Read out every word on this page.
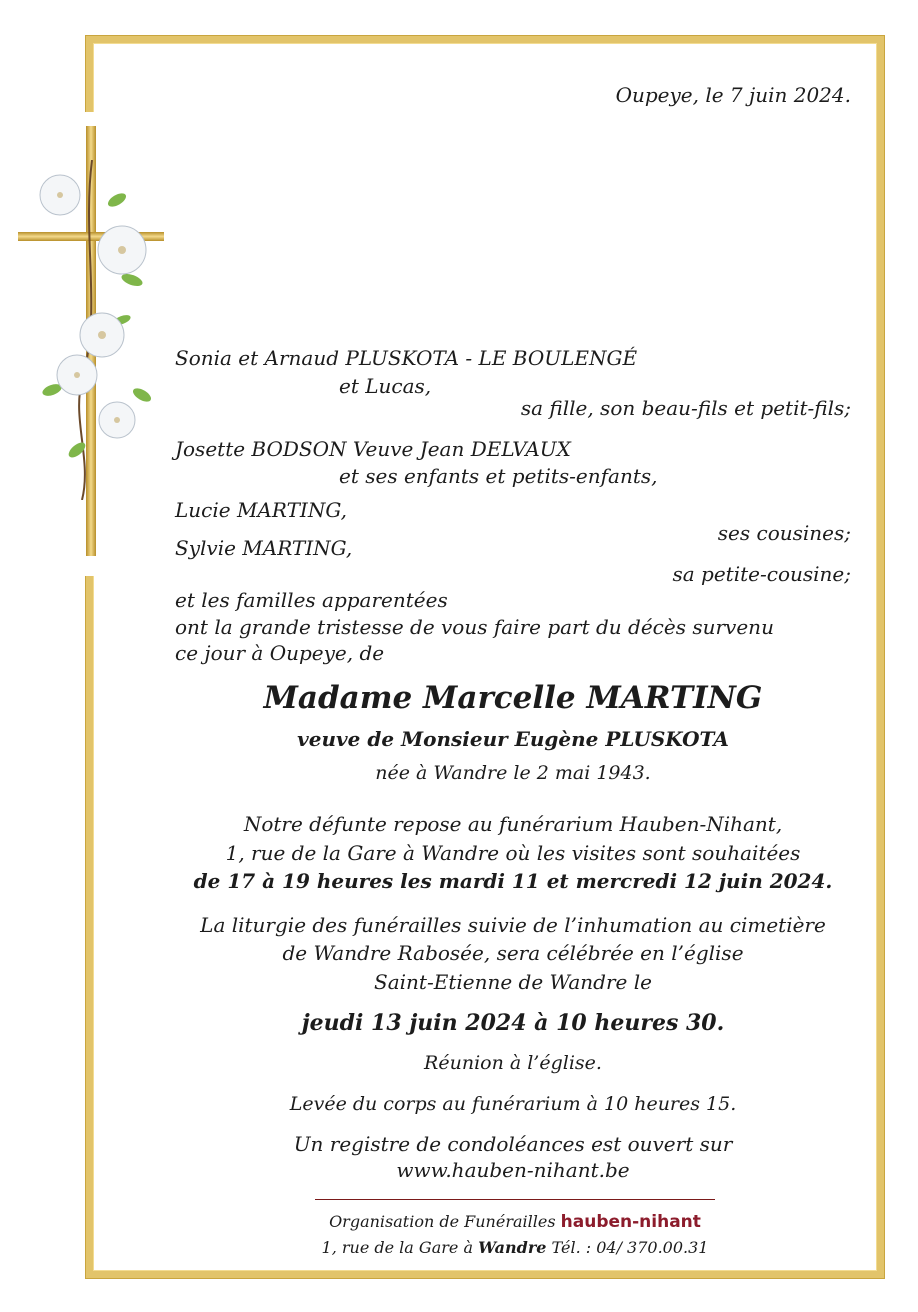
Oupeye, le 7 juin 2024.

Sonia et Arnaud PLUSKOTA - LE BOULENGÉ

et Lucas,

sa fille, son beau-fils et petit-fils;

Josette BODSON Veuve Jean DELVAUX

et ses enfants et petits-enfants,

Lucie MARTING,

ses cousines;

Sylvie MARTING,

sa petite-cousine;

et les familles apparentées

ont la grande tristesse de vous faire part du décès survenu

ce jour à Oupeye, de

Madame Marcelle MARTING

veuve de Monsieur Eugène PLUSKOTA

née à Wandre le 2 mai 1943.

Notre défunte repose au funérarium Hauben-Nihant,

1, rue de la Gare à Wandre où les visites sont souhaitées

de 17 à 19 heures les mardi 11 et mercredi 12 juin 2024.

La liturgie des funérailles suivie de l’inhumation au cimetière

de Wandre Rabosée, sera célébrée en l’église

Saint-Etienne de Wandre le

jeudi 13 juin 2024 à 10 heures 30.

Réunion à l’église.

Levée du corps au funérarium à 10 heures 15.

Un registre de condoléances est ouvert sur

www.hauben-nihant.be

Organisation de Funérailles hauben-nihant
1, rue de la Gare à Wandre Tél. : 04/ 370.00.31
